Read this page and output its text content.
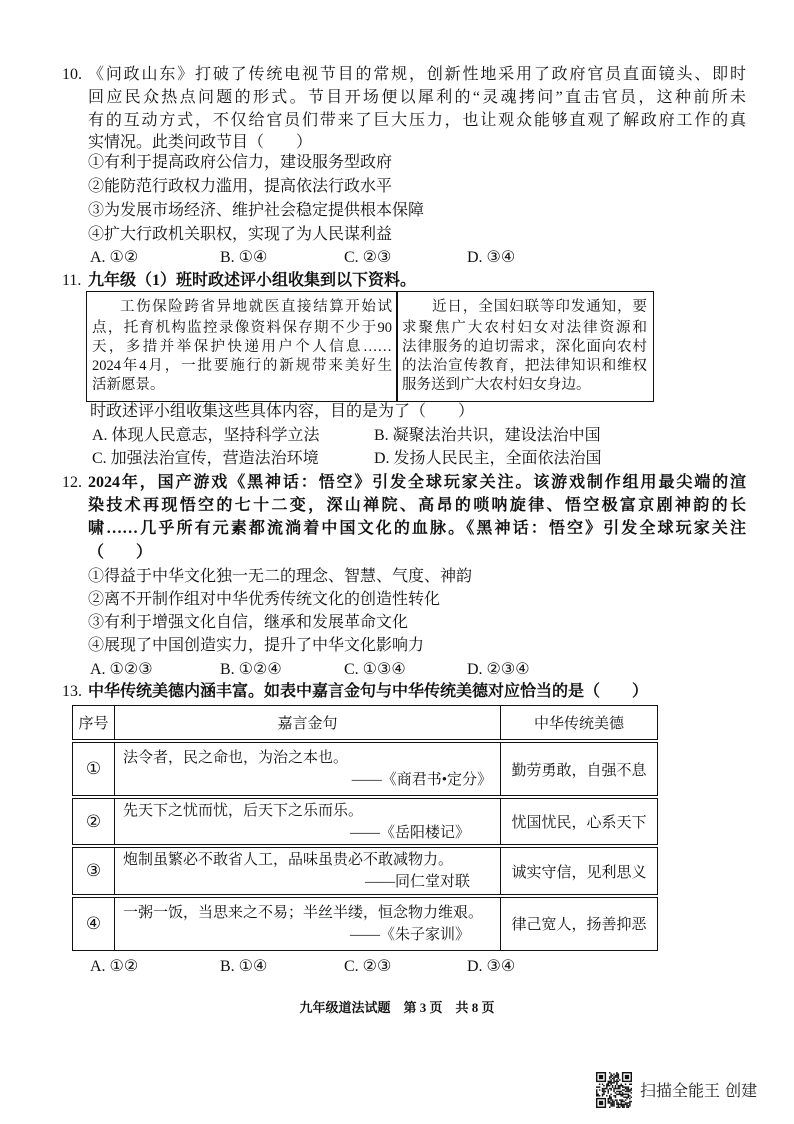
10. 《问政山东》打破了传统电视节目的常规，创新性地采用了政府官员直面镜头、即时
回应民众热点问题的形式。节目开场便以犀利的“灵魂拷问”直击官员，这种前所未
有的互动方式，不仅给官员们带来了巨大压力，也让观众能够直观了解政府工作的真
实情况。此类问政节目（　　）
①有利于提高政府公信力，建设服务型政府
②能防范行政权力滥用，提高依法行政水平
③为发展市场经济、维护社会稳定提供根本保障
④扩大行政机关职权，实现了为人民谋利益
A. ①②	B. ①④	C. ②③	D. ③④
11. 九年级（1）班时政述评小组收集到以下资料。
工伤保险跨省异地就医直接结算开始试
点，托育机构监控录像资料保存期不少于90
天，多措并举保护快递用户个人信息……
2024年4月，一批要施行的新规带来美好生
活新愿景。
近日，全国妇联等印发通知，要
求聚焦广大农村妇女对法律资源和
法律服务的迫切需求，深化面向农村
的法治宣传教育，把法律知识和维权
服务送到广大农村妇女身边。
时政述评小组收集这些具体内容，目的是为了（　　）
A. 体现人民意志，坚持科学立法	B. 凝聚法治共识，建设法治中国
C. 加强法治宣传，营造法治环境	D. 发扬人民民主，全面依法治国
12. 2024年，国产游戏《黑神话：悟空》引发全球玩家关注。该游戏制作组用最尖端的渲
染技术再现悟空的七十二变，深山禅院、高昂的唢呐旋律、悟空极富京剧神韵的长
啸……几乎所有元素都流淌着中国文化的血脉。《黑神话：悟空》引发全球玩家关注
（　　）
①得益于中华文化独一无二的理念、智慧、气度、神韵
②离不开制作组对中华优秀传统文化的创造性转化
③有利于增强文化自信，继承和发展革命文化
④展现了中国创造实力，提升了中华文化影响力
A. ①②③	B. ①②④	C. ①③④	D. ②③④
13. 中华传统美德内涵丰富。如表中嘉言金句与中华传统美德对应恰当的是（　　）
序号	嘉言金句	中华传统美德
①	法令者，民之命也，为治之本也。
——《商君书•定分》	勤劳勇敢，自强不息
②	先天下之忧而忧，后天下之乐而乐。
——《岳阳楼记》	忧国忧民，心系天下
③	炮制虽繁必不敢省人工，品味虽贵必不敢减物力。
——同仁堂对联	诚实守信，见利思义
④	一粥一饭，当思来之不易；半丝半缕，恒念物力维艰。
——《朱子家训》	律己宽人，扬善抑恶
A. ①②	B. ①④	C. ②③	D. ③④
九年级道法试题　第 3 页　共 8 页
扫描全能王 创建
